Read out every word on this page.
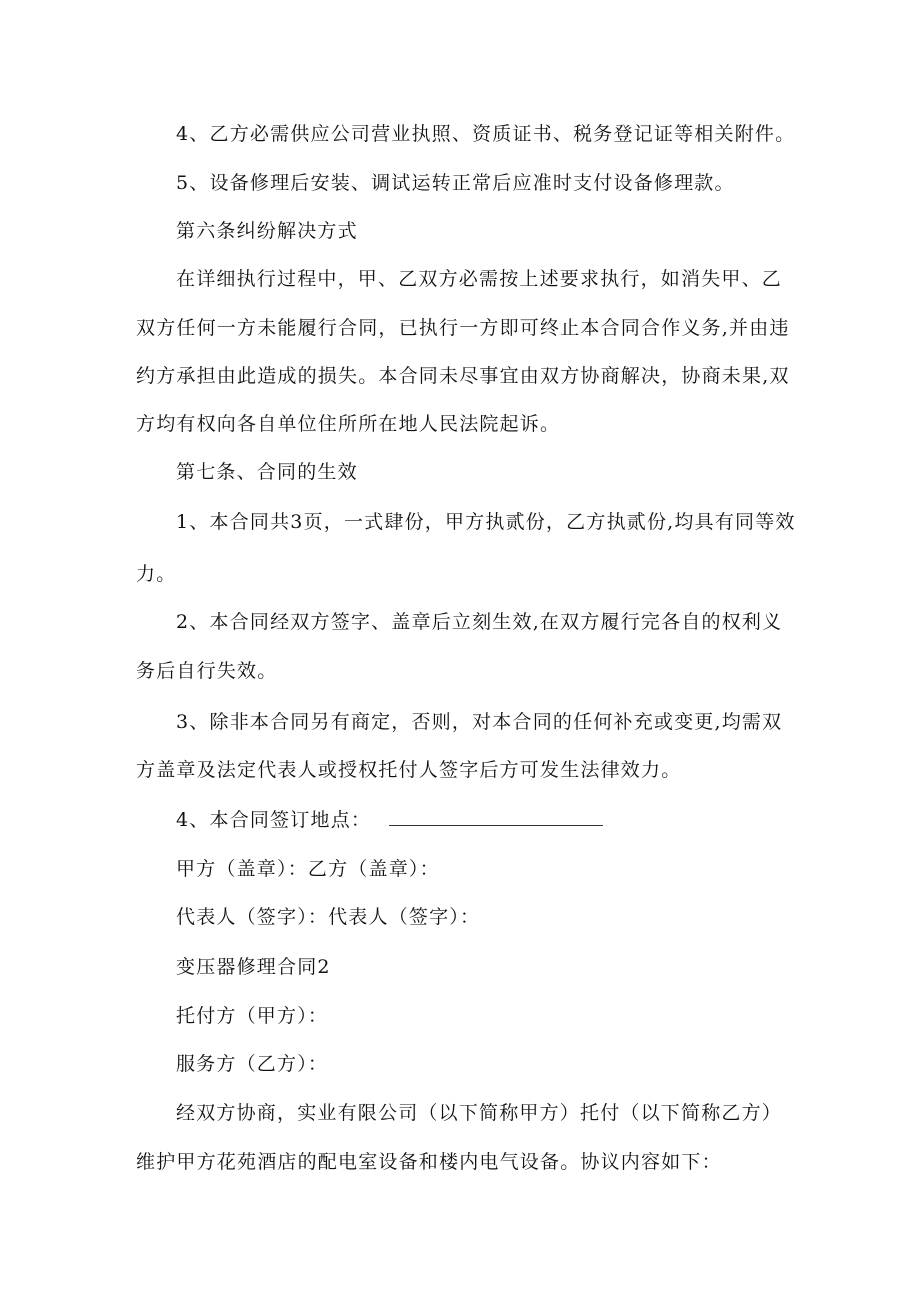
4、乙方必需供应公司营业执照、资质证书、税务登记证等相关附件。
5、设备修理后安装、调试运转正常后应准时支付设备修理款。
第六条纠纷解决方式
在详细执行过程中，甲、乙双方必需按上述要求执行，如消失甲、乙
双方任何一方未能履行合同，已执行一方即可终止本合同合作义务,并由违
约方承担由此造成的损失。本合同未尽事宜由双方协商解决，协商未果,双
方均有权向各自单位住所所在地人民法院起诉。
第七条、合同的生效
1、本合同共3页，一式肆份，甲方执贰份，乙方执贰份,均具有同等效
力。
2、本合同经双方签字、盖章后立刻生效,在双方履行完各自的权利义
务后自行失效。
3、除非本合同另有商定，否则，对本合同的任何补充或变更,均需双
方盖章及法定代表人或授权托付人签字后方可发生法律效力。
4、本合同签订地点：
甲方（盖章）：乙方（盖章）：
代表人（签字）：代表人（签字）：
变压器修理合同2
托付方（甲方）：
服务方（乙方）：
经双方协商，实业有限公司（以下简称甲方）托付（以下简称乙方）
维护甲方花苑酒店的配电室设备和楼内电气设备。协议内容如下：
